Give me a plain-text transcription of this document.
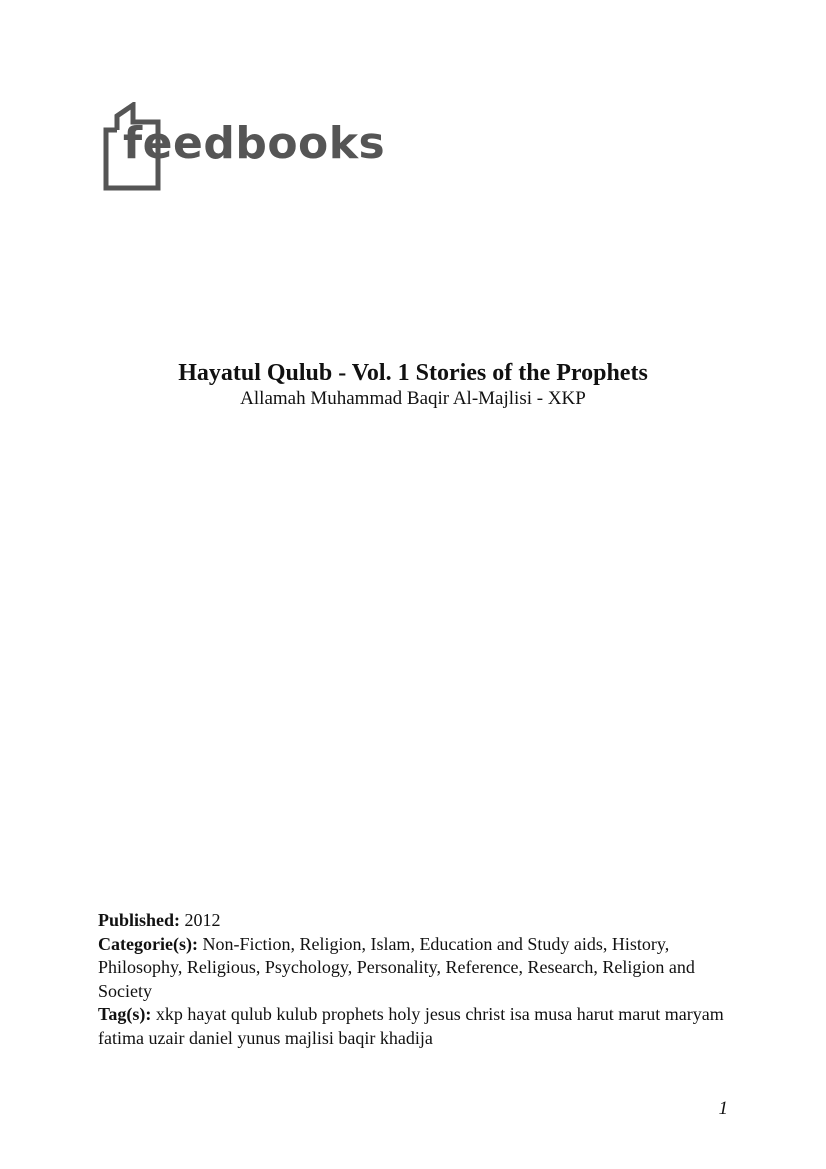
feedbooks

Hayatul Qulub - Vol. 1 Stories of the Prophets

Allamah Muhammad Baqir Al-Majlisi - XKP

Published: 2012

Categorie(s): Non-Fiction, Religion, Islam, Education and Study aids, History, Philosophy, Religious, Psychology, Personality, Reference, Research, Religion and Society

Tag(s): xkp hayat qulub kulub prophets holy jesus christ isa musa harut marut maryam fatima uzair daniel yunus majlisi baqir khadija

1
